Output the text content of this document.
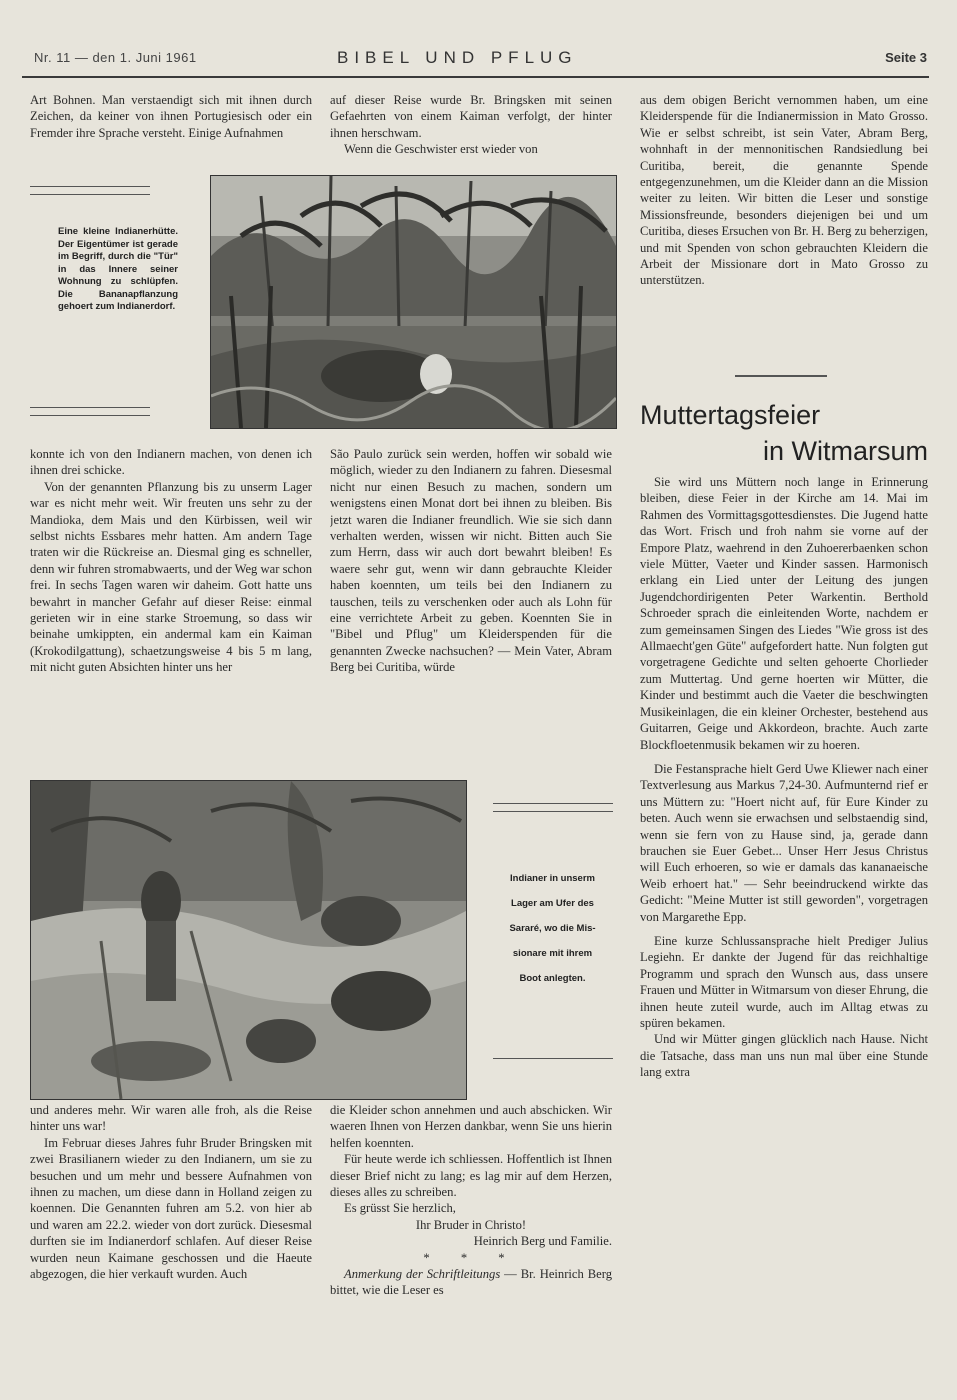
Nr. 11 — den 1. Juni 1961	BIBEL UND PFLUG	Seite 3

Art Bohnen. Man verstaendigt sich mit ihnen durch Zeichen, da keiner von ihnen Portugiesisch oder ein Fremder ihre Sprache versteht. Einige Aufnahmen

Eine kleine Indianerhütte. Der Eigentümer ist gerade im Begriff, durch die "Tür" in das Innere seiner Wohnung zu schlüpfen. Die Bananapflanzung gehoert zum Indianerdorf.

auf dieser Reise wurde Br. Bringsken mit seinen Gefaehrten von einem Kaiman verfolgt, der hinter ihnen herschwam.

Wenn die Geschwister erst wieder von

konnte ich von den Indianern machen, von denen ich ihnen drei schicke.

Von der genannten Pflanzung bis zu unserm Lager war es nicht mehr weit. Wir freuten uns sehr zu der Mandioka, dem Mais und den Kürbissen, weil wir selbst nichts Essbares mehr hatten. Am andern Tage traten wir die Rückreise an. Diesmal ging es schneller, denn wir fuhren stromabwaerts, und der Weg war schon frei. In sechs Tagen waren wir daheim. Gott hatte uns bewahrt in mancher Gefahr auf dieser Reise: einmal gerieten wir in eine starke Stroemung, so dass wir beinahe umkippten, ein andermal kam ein Kaiman (Krokodilgattung), schaetzungsweise 4 bis 5 m lang, mit nicht guten Absichten hinter uns her

São Paulo zurück sein werden, hoffen wir sobald wie möglich, wieder zu den Indianern zu fahren. Diesesmal nicht nur einen Besuch zu machen, sondern um wenigstens einen Monat dort bei ihnen zu bleiben. Bis jetzt waren die Indianer freundlich. Wie sie sich dann verhalten werden, wissen wir nicht. Bitten auch Sie zum Herrn, dass wir auch dort bewahrt bleiben! Es waere sehr gut, wenn wir dann gebrauchte Kleider haben koennten, um teils bei den Indianern zu tauschen, teils zu verschenken oder auch als Lohn für eine verrichtete Arbeit zu geben. Koennten Sie in "Bibel und Pflug" um Kleiderspenden für die genannten Zwecke nachsuchen? — Mein Vater, Abram Berg bei Curitiba, würde

Indianer in unserm
Lager am Ufer des
Sararé, wo die Mis-
sionare mit ihrem
Boot anlegten.

und anderes mehr. Wir waren alle froh, als die Reise hinter uns war!

Im Februar dieses Jahres fuhr Bruder Bringsken mit zwei Brasilianern wieder zu den Indianern, um sie zu besuchen und um mehr und bessere Aufnahmen von ihnen zu machen, um diese dann in Holland zeigen zu koennen. Die Genannten fuhren am 5.2. von hier ab und waren am 22.2. wieder von dort zurück. Diesesmal durften sie im Indianerdorf schlafen. Auf dieser Reise wurden neun Kaimane geschossen und die Haeute abgezogen, die hier verkauft wurden. Auch

die Kleider schon annehmen und auch abschicken. Wir waeren Ihnen von Herzen dankbar, wenn Sie uns hierin helfen koennten.

Für heute werde ich schliessen. Hoffentlich ist Ihnen dieser Brief nicht zu lang; es lag mir auf dem Herzen, dieses alles zu schreiben.

Es grüsst Sie herzlich,

Ihr Bruder in Christo!

Heinrich Berg und Familie.

* * *

Anmerkung der Schriftleitungs — Br. Heinrich Berg bittet, wie die Leser es

aus dem obigen Bericht vernommen haben, um eine Kleiderspende für die Indianermission in Mato Grosso. Wie er selbst schreibt, ist sein Vater, Abram Berg, wohnhaft in der mennonitischen Randsiedlung bei Curitiba, bereit, die genannte Spende entgegenzunehmen, um die Kleider dann an die Mission weiter zu leiten. Wir bitten die Leser und sonstige Missionsfreunde, besonders diejenigen bei und um Curitiba, dieses Ersuchen von Br. H. Berg zu beherzigen, und mit Spenden von schon gebrauchten Kleidern die Arbeit der Missionare dort in Mato Grosso zu unterstützen.

Muttertagsfeier
in Witmarsum

Sie wird uns Müttern noch lange in Erinnerung bleiben, diese Feier in der Kirche am 14. Mai im Rahmen des Vormittagsgottesdienstes. Die Jugend hatte das Wort. Frisch und froh nahm sie vorne auf der Empore Platz, waehrend in den Zuhoererbaenken schon viele Mütter, Vaeter und Kinder sassen. Harmonisch erklang ein Lied unter der Leitung des jungen Jugendchordirigenten Peter Warkentin. Berthold Schroeder sprach die einleitenden Worte, nachdem er zum gemeinsamen Singen des Liedes "Wie gross ist des Allmaecht'gen Güte" aufgefordert hatte. Nun folgten gut vorgetragene Gedichte und selten gehoerte Chorlieder zum Muttertag. Und gerne hoerten wir Mütter, die Kinder und bestimmt auch die Vaeter die beschwingten Musikeinlagen, die ein kleiner Orchester, bestehend aus Guitarren, Geige und Akkordeon, brachte. Auch zarte Blockfloetenmusik bekamen wir zu hoeren.

Die Festansprache hielt Gerd Uwe Kliewer nach einer Textverlesung aus Markus 7,24-30. Aufmunternd rief er uns Müttern zu: "Hoert nicht auf, für Eure Kinder zu beten. Auch wenn sie erwachsen und selbstaendig sind, wenn sie fern von zu Hause sind, ja, gerade dann brauchen sie Euer Gebet... Unser Herr Jesus Christus will Euch erhoeren, so wie er damals das kananaeische Weib erhoert hat." — Sehr beeindruckend wirkte das Gedicht: "Meine Mutter ist still geworden", vorgetragen von Margarethe Epp.

Eine kurze Schlussansprache hielt Prediger Julius Legiehn. Er dankte der Jugend für das reichhaltige Programm und sprach den Wunsch aus, dass unsere Frauen und Mütter in Witmarsum von dieser Ehrung, die ihnen heute zuteil wurde, auch im Alltag etwas zu spüren bekamen.

Und wir Mütter gingen glücklich nach Hause. Nicht die Tatsache, dass man uns nun mal über eine Stunde lang extra
